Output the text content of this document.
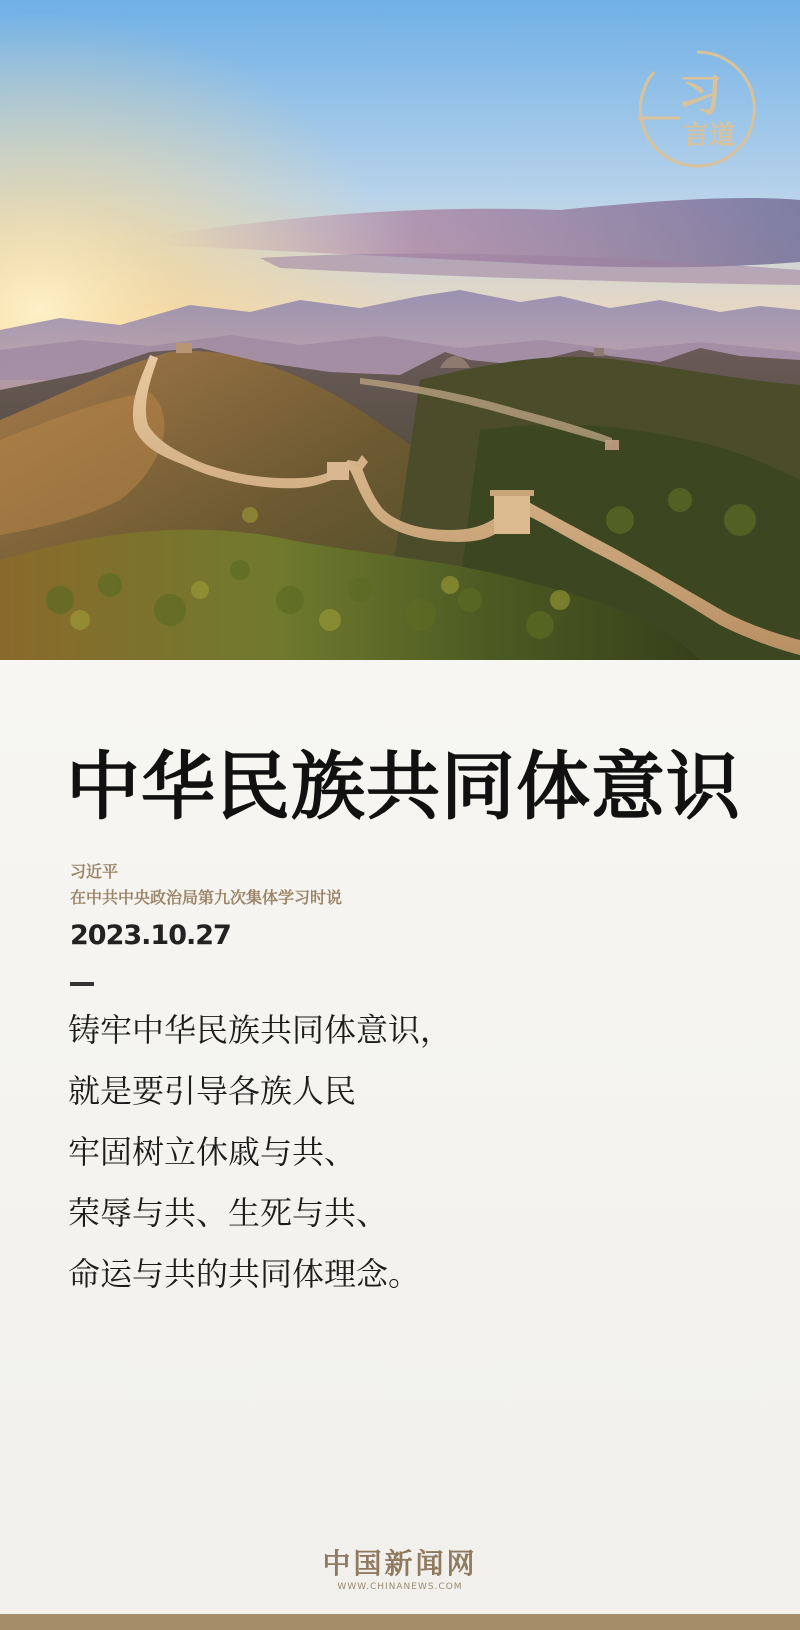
习
言道
中华民族共同体意识
习近平
在中共中央政治局第九次集体学习时说
2023.10.27
铸牢中华民族共同体意识，
就是要引导各族人民
牢固树立休戚与共、
荣辱与共、生死与共、
命运与共的共同体理念。
中国新闻网
WWW.CHINANEWS.COM
